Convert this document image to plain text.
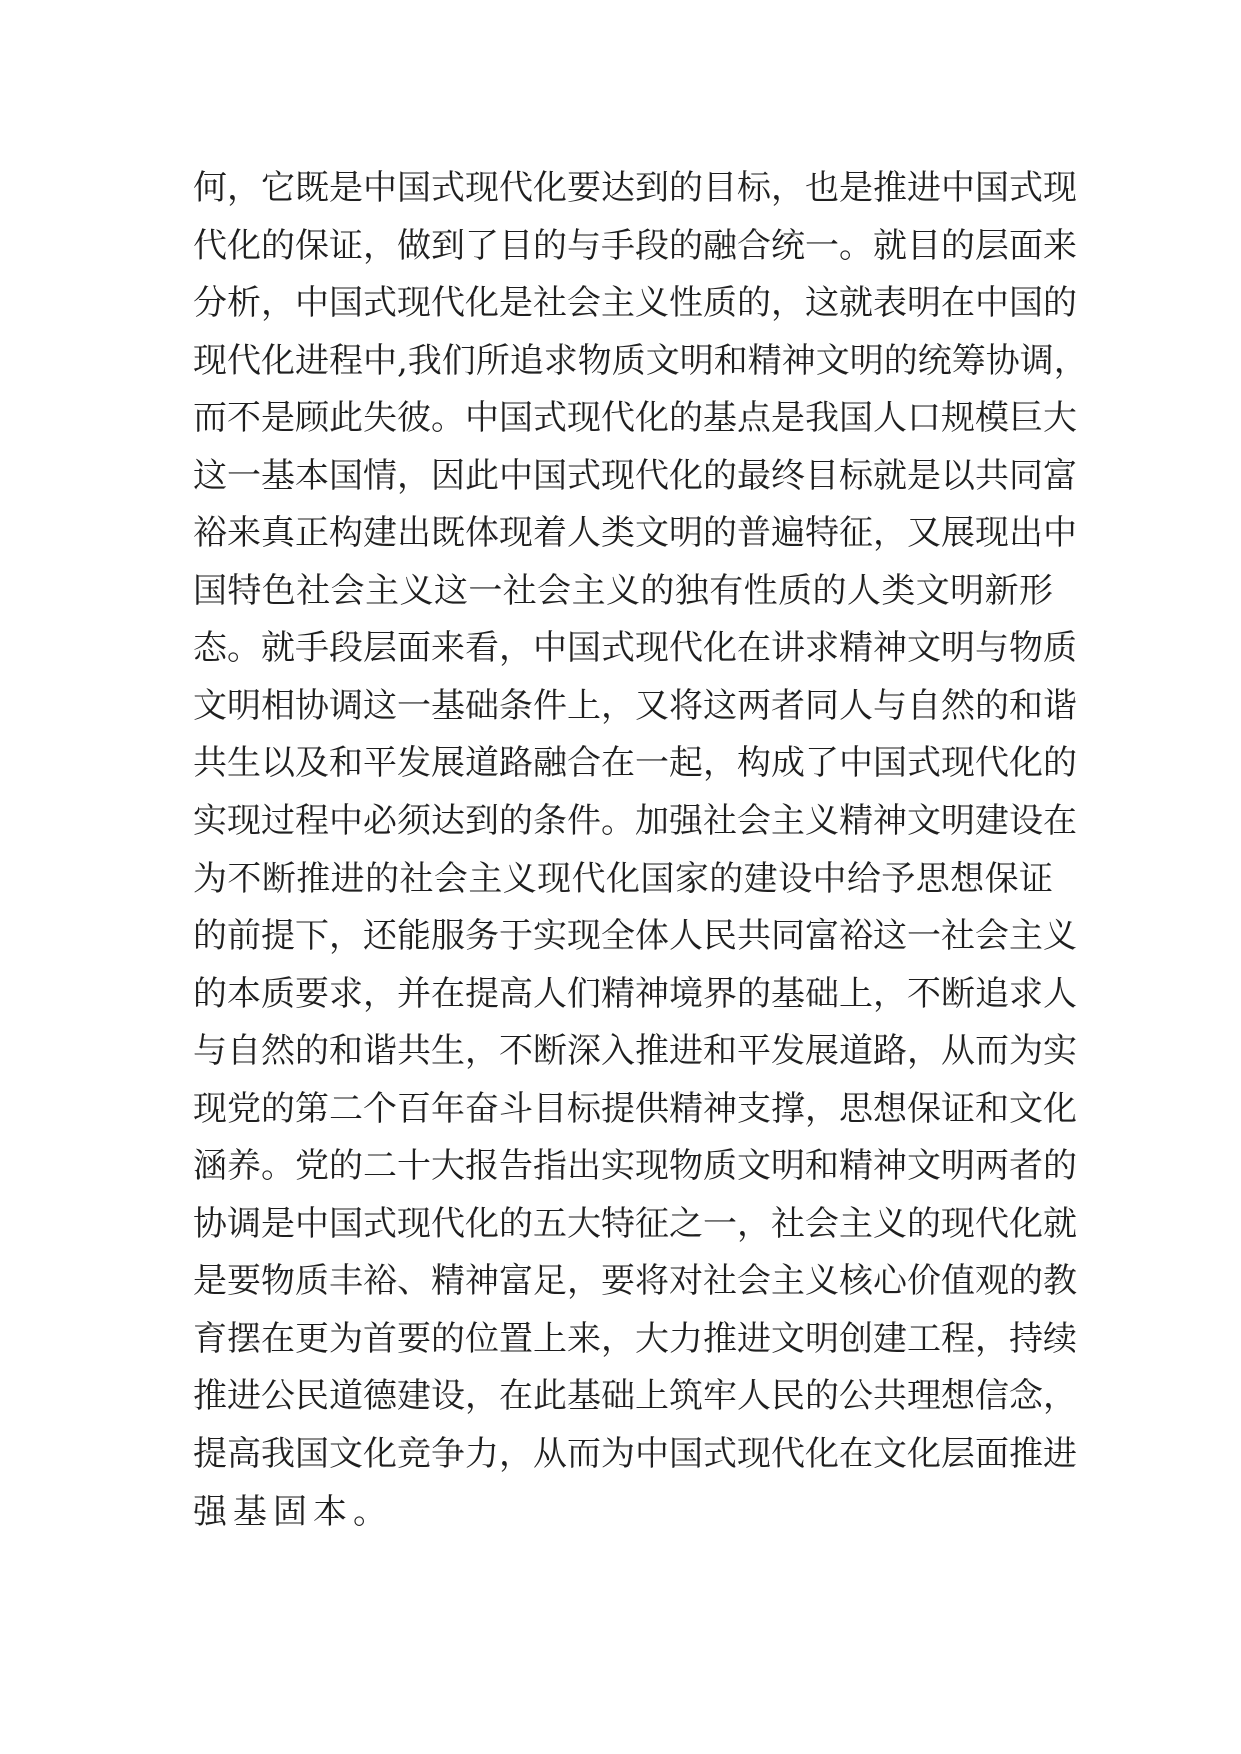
何，它既是中国式现代化要达到的目标，也是推进中国式现
代化的保证，做到了目的与手段的融合统一。就目的层面来
分析，中国式现代化是社会主义性质的，这就表明在中国的
现代化进程中,我们所追求物质文明和精神文明的统筹协调，
而不是顾此失彼。中国式现代化的基点是我国人口规模巨大
这一基本国情，因此中国式现代化的最终目标就是以共同富
裕来真正构建出既体现着人类文明的普遍特征，又展现出中
国特色社会主义这一社会主义的独有性质的人类文明新形
态。就手段层面来看，中国式现代化在讲求精神文明与物质
文明相协调这一基础条件上，又将这两者同人与自然的和谐
共生以及和平发展道路融合在一起，构成了中国式现代化的
实现过程中必须达到的条件。加强社会主义精神文明建设在
为不断推进的社会主义现代化国家的建设中给予思想保证
的前提下，还能服务于实现全体人民共同富裕这一社会主义
的本质要求，并在提高人们精神境界的基础上，不断追求人
与自然的和谐共生，不断深入推进和平发展道路，从而为实
现党的第二个百年奋斗目标提供精神支撑，思想保证和文化
涵养。党的二十大报告指出实现物质文明和精神文明两者的
协调是中国式现代化的五大特征之一，社会主义的现代化就
是要物质丰裕、精神富足，要将对社会主义核心价值观的教
育摆在更为首要的位置上来，大力推进文明创建工程，持续
推进公民道德建设，在此基础上筑牢人民的公共理想信念，
提高我国文化竞争力，从而为中国式现代化在文化层面推进
强基固本。
